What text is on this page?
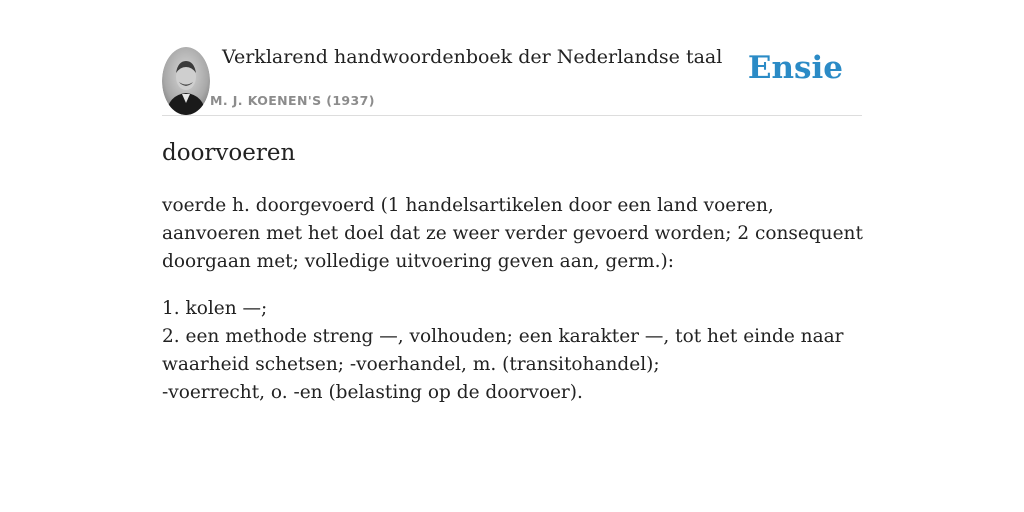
Verklarend handwoordenboek der Nederlandse taal
M. J. KOENEN'S (1937)
Ensie
doorvoeren

voerde h. doorgevoerd (1 handelsartikelen door een land voeren, aanvoeren met het doel dat ze weer verder gevoerd worden; 2 consequent doorgaan met; volledige uitvoering geven aan, germ.):

1. kolen —;
2. een methode streng —, volhouden; een karakter —, tot het einde naar waarheid schetsen; -voerhandel, m. (transitohandel);
-voerrecht, o. -en (belasting op de doorvoer).
